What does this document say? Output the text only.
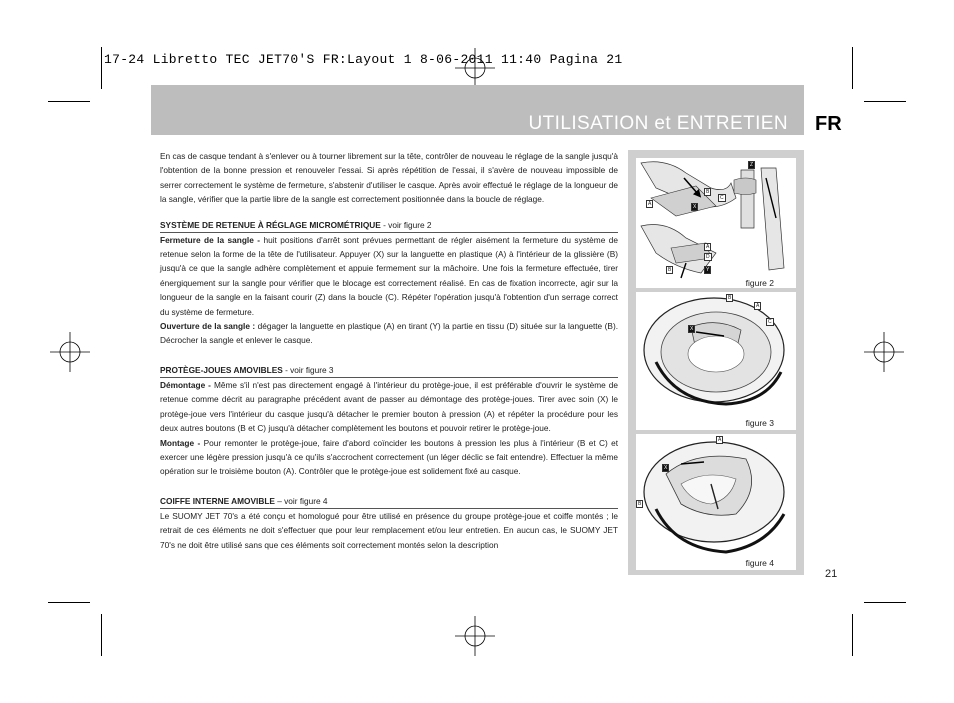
17-24 Libretto TEC JET70'S FR:Layout 1 8-06-2011 11:40 Pagina 21
UTILISATION et ENTRETIEN FR

En cas de casque tendant à s'enlever ou à tourner librement sur la tête, contrôler de nouveau le réglage de la sangle jusqu'à l'obtention de la bonne pression et renouveler l'essai. Si après répétition de l'essai, il s'avère de nouveau impossible de serrer correctement le système de fermeture, s'abstenir d'utiliser le casque. Après avoir effectué le réglage de la longueur de la sangle, vérifier que la partie libre de la sangle est correctement positionnée dans la boucle de réglage.

SYSTÈME DE RETENUE À RÉGLAGE MICROMÉTRIQUE - voir figure 2

Fermeture de la sangle - huit positions d'arrêt sont prévues permettant de régler aisément la fermeture du système de retenue selon la forme de la tête de l'utilisateur. Appuyer (X) sur la languette en plastique (A) à l'intérieur de la glissière (B) jusqu'à ce que la sangle adhère complètement et appuie fermement sur la mâchoire. Une fois la fermeture effectuée, tirer énergiquement sur la sangle pour vérifier que le blocage est correctement réalisé. En cas de fixation incorrecte, agir sur la longueur de la sangle en la faisant courir (Z) dans la boucle (C). Répéter l'opération jusqu'à l'obtention d'un serrage correct du système de fermeture.

Ouverture de la sangle : dégager la languette en plastique (A) en tirant (Y) la partie en tissu (D) située sur la languette (B). Décrocher la sangle et enlever le casque.

PROTÈGE-JOUES AMOVIBLES - voir figure 3

Démontage - Même s'il n'est pas directement engagé à l'intérieur du protège-joue, il est préférable d'ouvrir le système de retenue comme décrit au paragraphe précédent avant de passer au démontage des protège-joues. Tirer avec soin (X) le protège-joue vers l'intérieur du casque jusqu'à détacher le premier bouton à pression (A) et répéter la procédure pour les deux autres boutons (B et C) jusqu'à détacher complètement les boutons et pouvoir retirer le protège-joue.

Montage - Pour remonter le protège-joue, faire d'abord coïncider les boutons à pression les plus à l'intérieur (B et C) et exercer une légère pression jusqu'à ce qu'ils s'accrochent correctement (un léger déclic se fait entendre). Effectuer la même opération sur le troisième bouton (A). Contrôler que le protège-joue est solidement fixé au casque.

COIFFE INTERNE AMOVIBLE – voir figure 4

Le SUOMY JET 70's a été conçu et homologué pour être utilisé en présence du groupe protège-joue et coiffe montés ; le retrait de ces éléments ne doit s'effectuer que pour leur remplacement et/ou leur entretien. En aucun cas, le SUOMY JET 70's ne doit être utilisé sans que ces éléments soit correctement montés selon la description

A
B
X
C
Z
A
D
B	Y
figure 2
B
A
C
X
figure 3
A
X
B
figure 4
21
